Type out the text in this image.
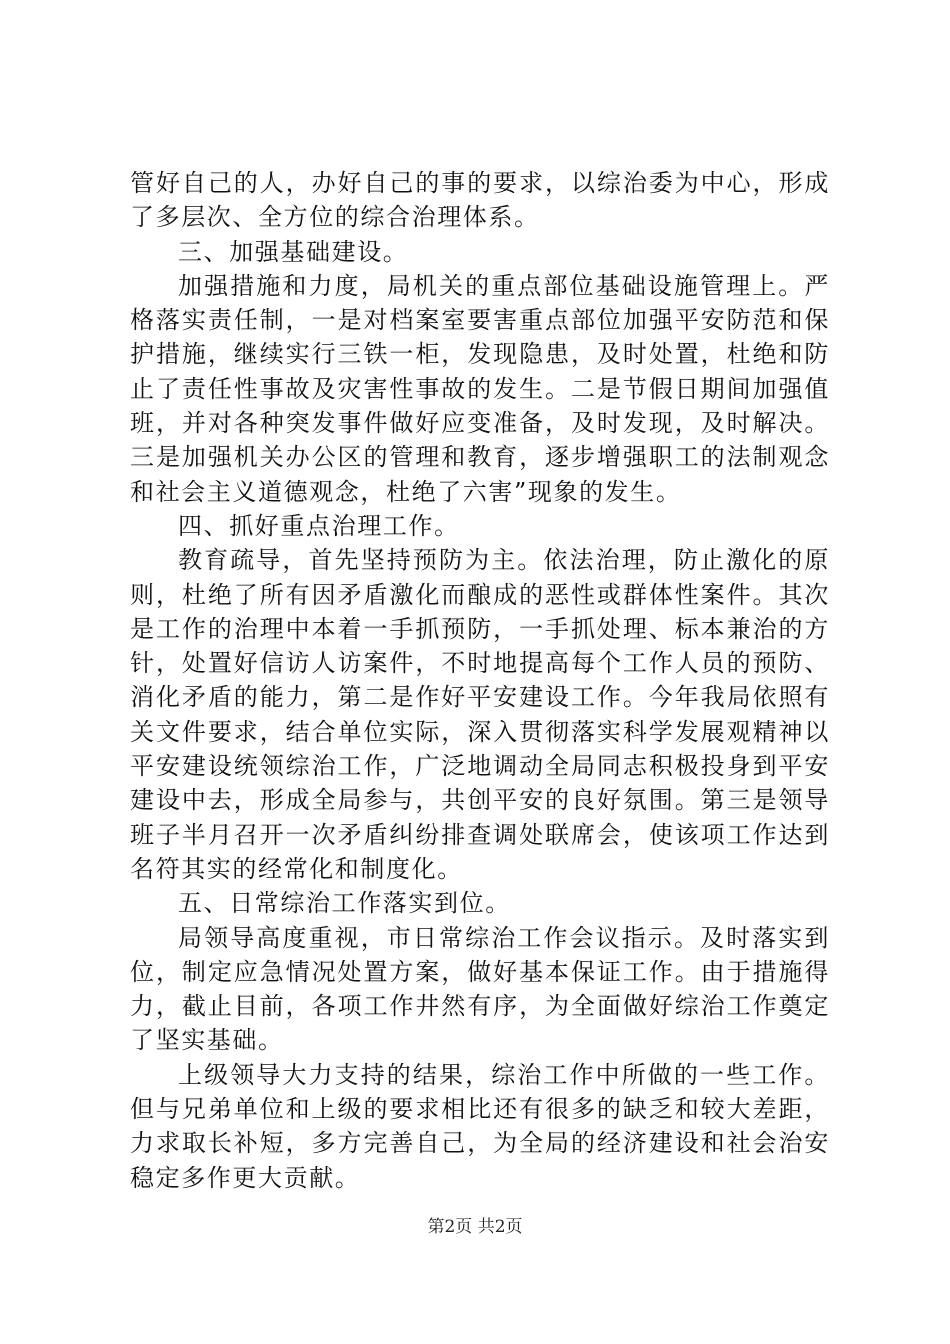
管好自己的人，办好自己的事的要求，以综治委为中心，形成了多层次、全方位的综合治理体系。

三、加强基础建设。

加强措施和力度，局机关的重点部位基础设施管理上。严格落实责任制，一是对档案室要害重点部位加强平安防范和保护措施，继续实行三铁一柜，发现隐患，及时处置，杜绝和防止了责任性事故及灾害性事故的发生。二是节假日期间加强值班，并对各种突发事件做好应变准备，及时发现，及时解决。三是加强机关办公区的管理和教育，逐步增强职工的法制观念和社会主义道德观念，杜绝了六害”现象的发生。

四、抓好重点治理工作。

教育疏导，首先坚持预防为主。依法治理，防止激化的原则，杜绝了所有因矛盾激化而酿成的恶性或群体性案件。其次是工作的治理中本着一手抓预防，一手抓处理、标本兼治的方针，处置好信访人访案件，不时地提高每个工作人员的预防、消化矛盾的能力，第二是作好平安建设工作。今年我局依照有关文件要求，结合单位实际，深入贯彻落实科学发展观精神以平安建设统领综治工作，广泛地调动全局同志积极投身到平安建设中去，形成全局参与，共创平安的良好氛围。第三是领导班子半月召开一次矛盾纠纷排查调处联席会，使该项工作达到名符其实的经常化和制度化。

五、日常综治工作落实到位。

局领导高度重视，市日常综治工作会议指示。及时落实到位，制定应急情况处置方案，做好基本保证工作。由于措施得力，截止目前，各项工作井然有序，为全面做好综治工作奠定了坚实基础。

上级领导大力支持的结果，综治工作中所做的一些工作。但与兄弟单位和上级的要求相比还有很多的缺乏和较大差距，力求取长补短，多方完善自己，为全局的经济建设和社会治安稳定多作更大贡献。

第2页 共2页
